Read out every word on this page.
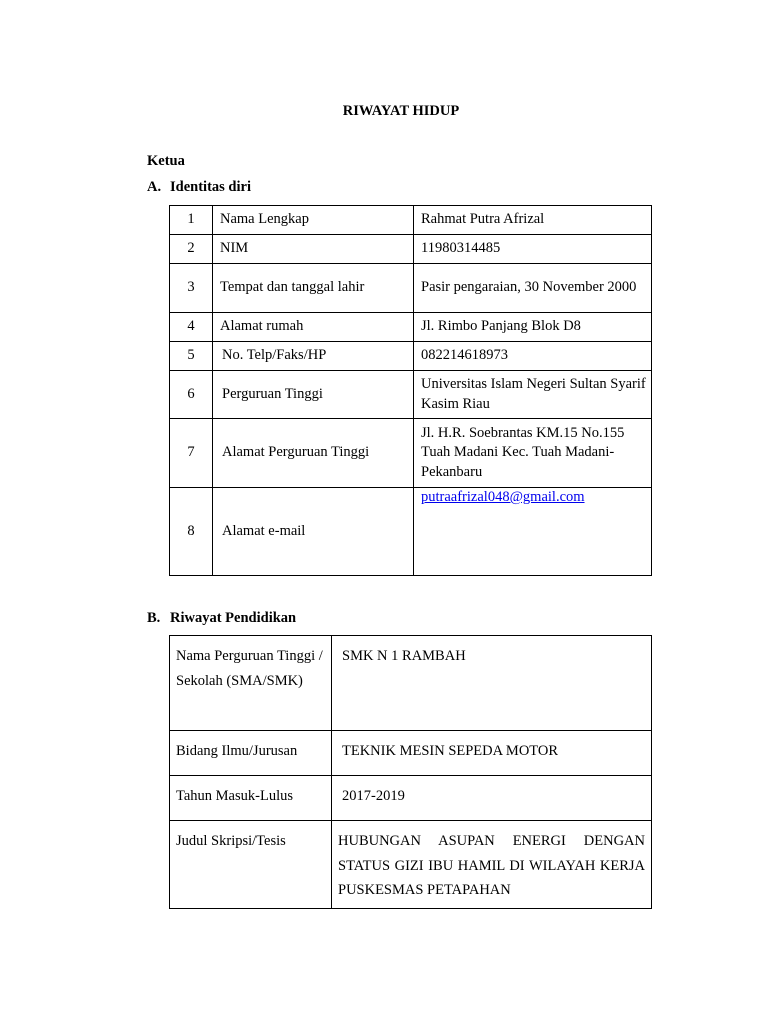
RIWAYAT HIDUP
Ketua
A. Identitas diri
1	Nama Lengkap	Rahmat Putra Afrizal
2	NIM	11980314485
3	Tempat dan tanggal lahir	Pasir pengaraian, 30 November 2000
4	Alamat rumah	Jl. Rimbo Panjang Blok D8
5	No. Telp/Faks/HP	082214618973
6	Perguruan Tinggi	Universitas Islam Negeri Sultan Syarif Kasim Riau
7	Alamat Perguruan Tinggi	Jl. H.R. Soebrantas KM.15 No.155 Tuah Madani Kec. Tuah Madani-Pekanbaru
8	Alamat e-mail	putraafrizal048@gmail.com
B. Riwayat Pendidikan
Nama Perguruan Tinggi / Sekolah (SMA/SMK)	SMK N 1 RAMBAH
Bidang Ilmu/Jurusan	TEKNIK MESIN SEPEDA MOTOR
Tahun Masuk-Lulus	2017-2019
Judul Skripsi/Tesis	HUBUNGAN ASUPAN ENERGI DENGAN STATUS GIZI IBU HAMIL DI WILAYAH KERJA PUSKESMAS PETAPAHAN
